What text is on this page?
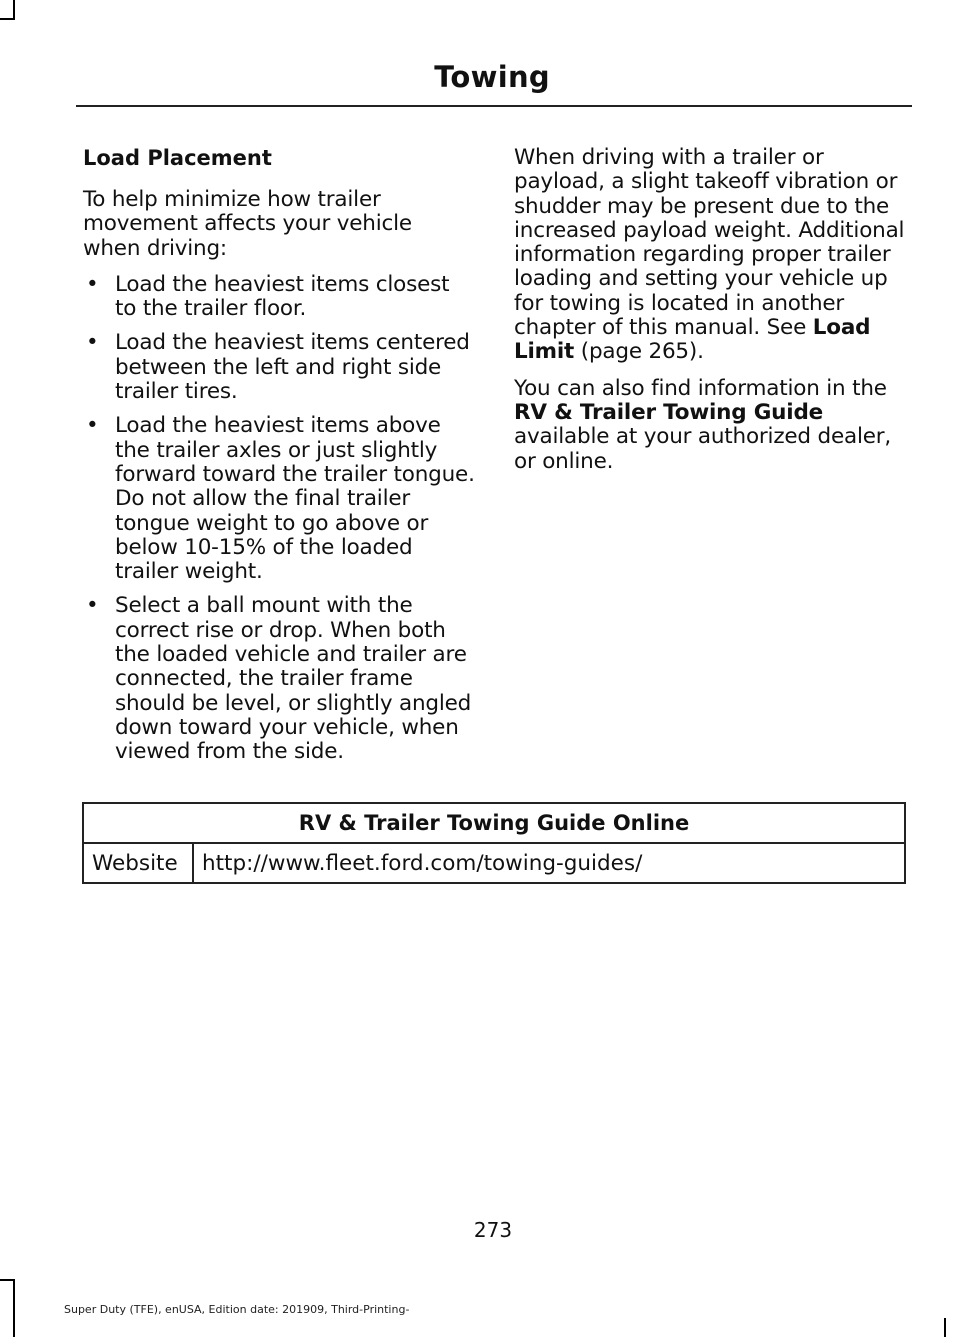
Towing
Load Placement

To help minimize how trailer movement affects your vehicle when driving:

• Load the heaviest items closest to the trailer floor.
• Load the heaviest items centered between the left and right side trailer tires.
• Load the heaviest items above the trailer axles or just slightly forward toward the trailer tongue. Do not allow the final trailer tongue weight to go above or below 10-15% of the loaded trailer weight.
• Select a ball mount with the correct rise or drop. When both the loaded vehicle and trailer are connected, the trailer frame should be level, or slightly angled down toward your vehicle, when viewed from the side.

When driving with a trailer or payload, a slight takeoff vibration or shudder may be present due to the increased payload weight. Additional information regarding proper trailer loading and setting your vehicle up for towing is located in another chapter of this manual. See Load Limit (page 265).

You can also find information in the RV & Trailer Towing Guide available at your authorized dealer, or online.

RV & Trailer Towing Guide Online
Website	http://www.fleet.ford.com/towing-guides/
273
Super Duty (TFE), enUSA, Edition date: 201909, Third-Printing-
